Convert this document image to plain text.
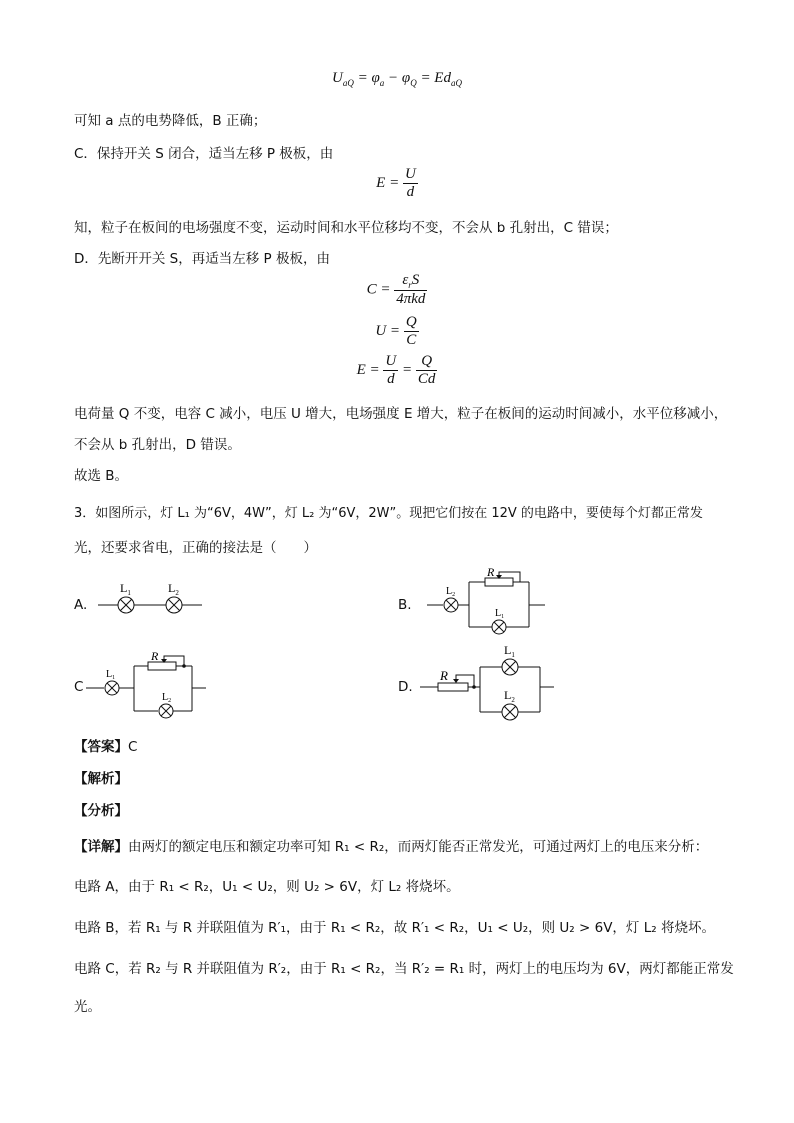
$U_{aQ} = \varphi_a - \varphi_Q = Ed_{aQ}$
可知 a 点的电势降低，B 正确；
C．保持开关 S 闭合，适当左移 P 极板，由
$E = \frac{U}{d}$
知，粒子在板间的电场强度不变，运动时间和水平位移均不变，不会从 b 孔射出，C 错误；
D．先断开开关 S，再适当左移 P 极板，由
$C = \frac{\varepsilon_rS}{\text{4πkd}}$
$U = \frac{Q}{C}$
$E = \frac{U}{d} = \frac{Q}{Cd}$
电荷量 Q 不变，电容 C 减小，电压 U 增大，电场强度 E 增大，粒子在板间的运动时间减小，水平位移减小，
不会从 b 孔射出，D 错误。
故选 B。
3．如图所示，灯 L₁ 为“6V，4W”，灯 L₂ 为“6V，2W”。现把它们按在 12V 的电路中，要使每个灯都正常发
光，还要求省电，正确的接法是（　　）
A.
$L_1$	$L_2$
B.
$L_2$
R
$L_1$
C
$L_1$
R
$L_2$
D.
$L_1$
$L_2$
R
【答案】C
【解析】
【分析】
【详解】由两灯的额定电压和额定功率可知 R₁ < R₂，而两灯能否正常发光，可通过两灯上的电压来分析：
电路 A，由于 R₁ < R₂，U₁ < U₂，则 U₂ > 6V，灯 L₂ 将烧坏。
电路 B，若 R₁ 与 R 并联阻值为 R′₁，由于 R₁ < R₂，故 R′₁ < R₂，U₁ < U₂，则 U₂ > 6V，灯 L₂ 将烧坏。
电路 C，若 R₂ 与 R 并联阻值为 R′₂，由于 R₁ < R₂，当 R′₂ = R₁ 时，两灯上的电压均为 6V，两灯都能正常发
光。
